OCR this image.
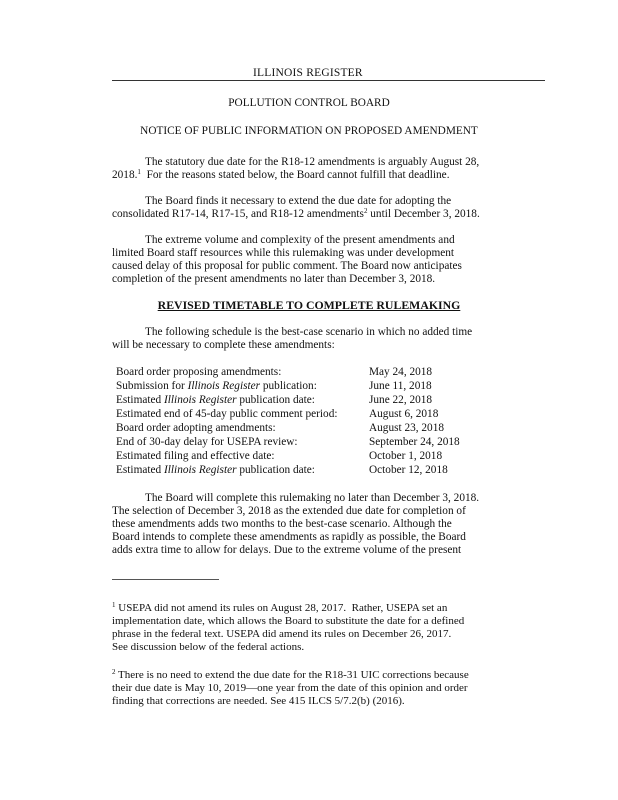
ILLINOIS REGISTER
POLLUTION CONTROL BOARD
NOTICE OF PUBLIC INFORMATION ON PROPOSED AMENDMENT
The statutory due date for the R18-12 amendments is arguably August 28,
2018.$^1$  For the reasons stated below, the Board cannot fulfill that deadline.
The Board finds it necessary to extend the due date for adopting the
consolidated R17-14, R17-15, and R18-12 amendments$^2$ until December 3, 2018.
The extreme volume and complexity of the present amendments and
limited Board staff resources while this rulemaking was under development
caused delay of this proposal for public comment. The Board now anticipates
completion of the present amendments no later than December 3, 2018.
REVISED TIMETABLE TO COMPLETE RULEMAKING
The following schedule is the best-case scenario in which no added time
will be necessary to complete these amendments:
Board order proposing amendments:	May 24, 2018
Submission for Illinois Register publication:	June 11, 2018
Estimated Illinois Register publication date:	June 22, 2018
Estimated end of 45-day public comment period:	August 6, 2018
Board order adopting amendments:	August 23, 2018
End of 30-day delay for USEPA review:	September 24, 2018
Estimated filing and effective date:	October 1, 2018
Estimated Illinois Register publication date:	October 12, 2018
The Board will complete this rulemaking no later than December 3, 2018.
The selection of December 3, 2018 as the extended due date for completion of
these amendments adds two months to the best-case scenario. Although the
Board intends to complete these amendments as rapidly as possible, the Board
adds extra time to allow for delays. Due to the extreme volume of the present
$^1$ USEPA did not amend its rules on August 28, 2017.  Rather, USEPA set an
implementation date, which allows the Board to substitute the date for a defined
phrase in the federal text. USEPA did amend its rules on December 26, 2017.
See discussion below of the federal actions.
$^2$ There is no need to extend the due date for the R18-31 UIC corrections because
their due date is May 10, 2019—one year from the date of this opinion and order
finding that corrections are needed. See 415 ILCS 5/7.2(b) (2016).
